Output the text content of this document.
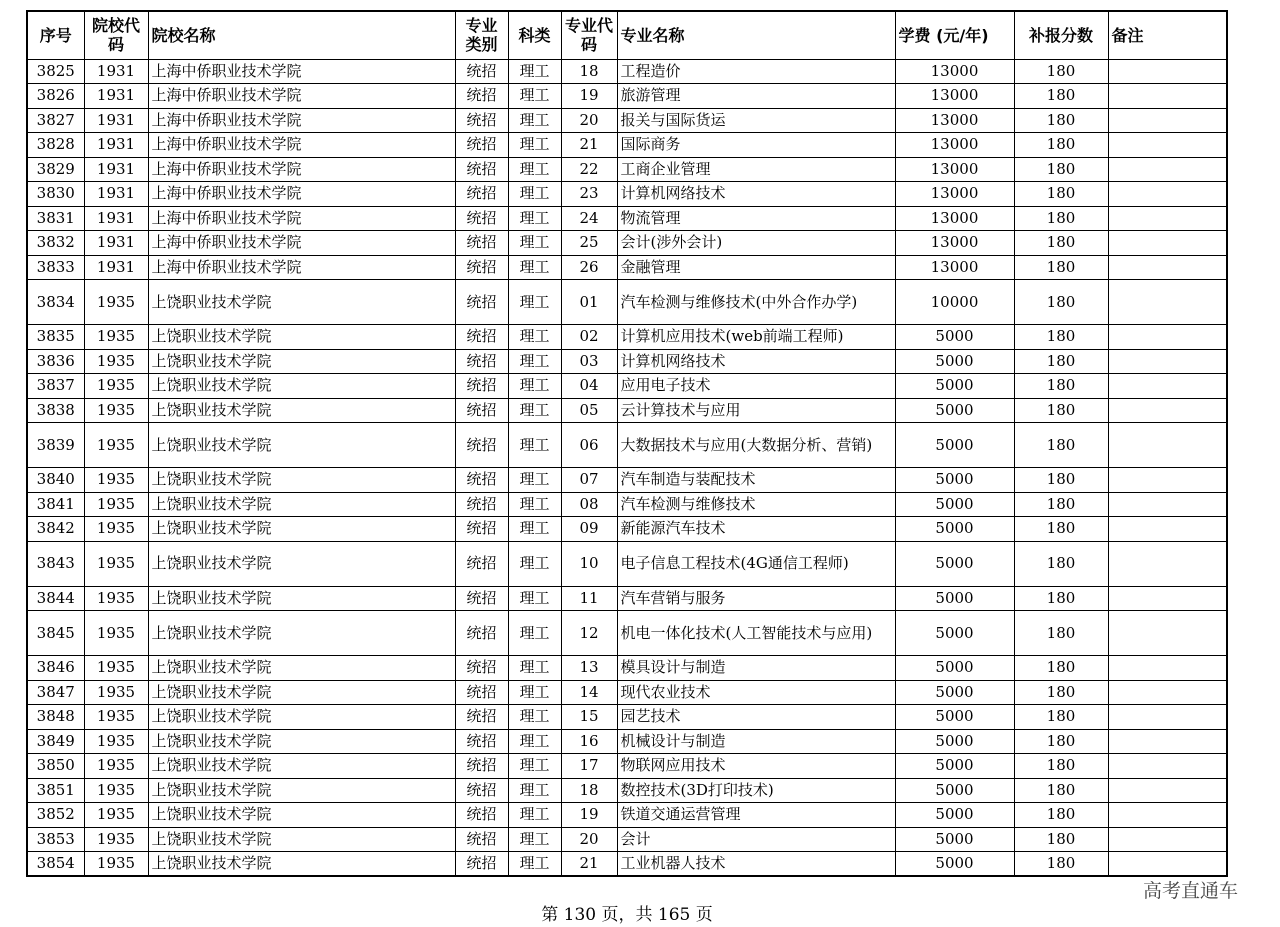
序号	院校代码	院校名称	专业类别	科类	专业代码	专业名称	学费 (元/年)	补报分数	备注
3825	1931	上海中侨职业技术学院	统招	理工	18	工程造价	13000	180	
3826	1931	上海中侨职业技术学院	统招	理工	19	旅游管理	13000	180	
3827	1931	上海中侨职业技术学院	统招	理工	20	报关与国际货运	13000	180	
3828	1931	上海中侨职业技术学院	统招	理工	21	国际商务	13000	180	
3829	1931	上海中侨职业技术学院	统招	理工	22	工商企业管理	13000	180	
3830	1931	上海中侨职业技术学院	统招	理工	23	计算机网络技术	13000	180	
3831	1931	上海中侨职业技术学院	统招	理工	24	物流管理	13000	180	
3832	1931	上海中侨职业技术学院	统招	理工	25	会计(涉外会计)	13000	180	
3833	1931	上海中侨职业技术学院	统招	理工	26	金融管理	13000	180	
3834	1935	上饶职业技术学院	统招	理工	01	汽车检测与维修技术(中外合作办学)	10000	180	
3835	1935	上饶职业技术学院	统招	理工	02	计算机应用技术(web前端工程师)	5000	180	
3836	1935	上饶职业技术学院	统招	理工	03	计算机网络技术	5000	180	
3837	1935	上饶职业技术学院	统招	理工	04	应用电子技术	5000	180	
3838	1935	上饶职业技术学院	统招	理工	05	云计算技术与应用	5000	180	
3839	1935	上饶职业技术学院	统招	理工	06	大数据技术与应用(大数据分析、营销)	5000	180	
3840	1935	上饶职业技术学院	统招	理工	07	汽车制造与装配技术	5000	180	
3841	1935	上饶职业技术学院	统招	理工	08	汽车检测与维修技术	5000	180	
3842	1935	上饶职业技术学院	统招	理工	09	新能源汽车技术	5000	180	
3843	1935	上饶职业技术学院	统招	理工	10	电子信息工程技术(4G通信工程师)	5000	180	
3844	1935	上饶职业技术学院	统招	理工	11	汽车营销与服务	5000	180	
3845	1935	上饶职业技术学院	统招	理工	12	机电一体化技术(人工智能技术与应用)	5000	180	
3846	1935	上饶职业技术学院	统招	理工	13	模具设计与制造	5000	180	
3847	1935	上饶职业技术学院	统招	理工	14	现代农业技术	5000	180	
3848	1935	上饶职业技术学院	统招	理工	15	园艺技术	5000	180	
3849	1935	上饶职业技术学院	统招	理工	16	机械设计与制造	5000	180	
3850	1935	上饶职业技术学院	统招	理工	17	物联网应用技术	5000	180	
3851	1935	上饶职业技术学院	统招	理工	18	数控技术(3D打印技术)	5000	180	
3852	1935	上饶职业技术学院	统招	理工	19	铁道交通运营管理	5000	180	
3853	1935	上饶职业技术学院	统招	理工	20	会计	5000	180	
3854	1935	上饶职业技术学院	统招	理工	21	工业机器人技术	5000	180	
高考直通车
第 130 页，共 165 页
